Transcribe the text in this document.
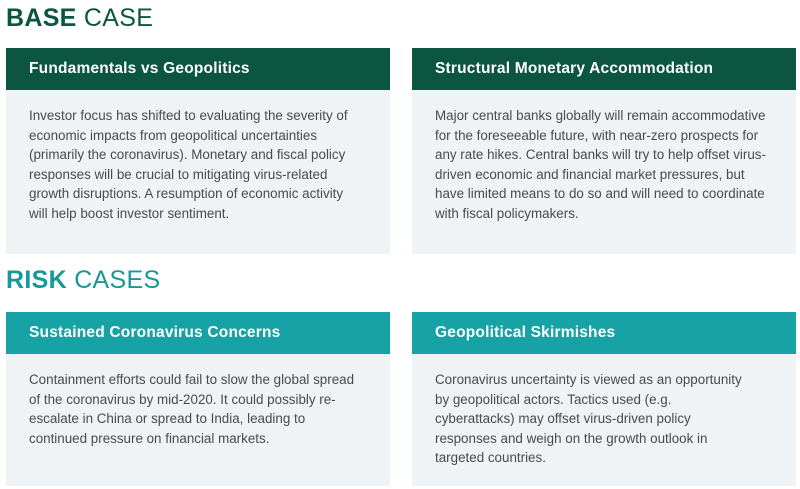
BASE CASE
Fundamentals vs Geopolitics
Investor focus has shifted to evaluating the severity of
economic impacts from geopolitical uncertainties
(primarily the coronavirus). Monetary and fiscal policy
responses will be crucial to mitigating virus-related
growth disruptions. A resumption of economic activity
will help boost investor sentiment.
Structural Monetary Accommodation
Major central banks globally will remain accommodative
for the foreseeable future, with near-zero prospects for
any rate hikes. Central banks will try to help offset virus-
driven economic and financial market pressures, but
have limited means to do so and will need to coordinate
with fiscal policymakers.
RISK CASES
Sustained Coronavirus Concerns
Containment efforts could fail to slow the global spread
of the coronavirus by mid-2020. It could possibly re-
escalate in China or spread to India, leading to
continued pressure on financial markets.
Geopolitical Skirmishes
Coronavirus uncertainty is viewed as an opportunity
by geopolitical actors. Tactics used (e.g.
cyberattacks) may offset virus-driven policy
responses and weigh on the growth outlook in
targeted countries.
